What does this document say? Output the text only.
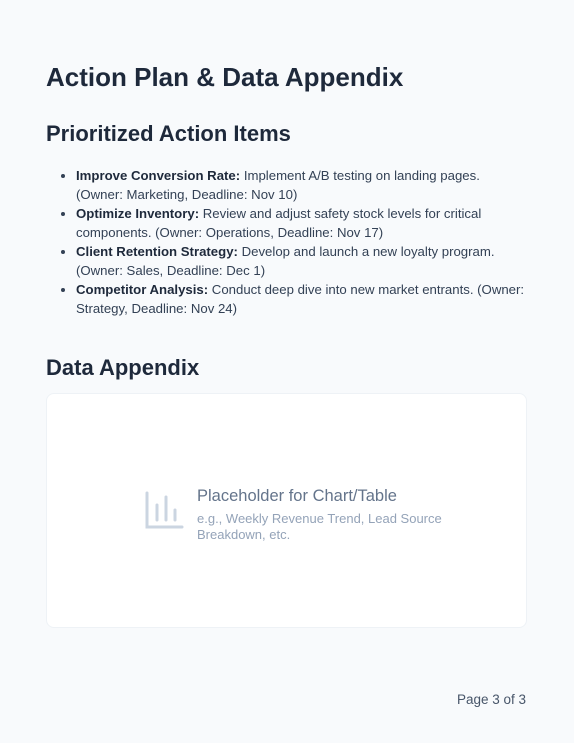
Action Plan & Data Appendix
Prioritized Action Items
• Improve Conversion Rate: Implement A/B testing on landing pages. (Owner: Marketing, Deadline: Nov 10)
• Optimize Inventory: Review and adjust safety stock levels for critical components. (Owner: Operations, Deadline: Nov 17)
• Client Retention Strategy: Develop and launch a new loyalty program. (Owner: Sales, Deadline: Dec 1)
• Competitor Analysis: Conduct deep dive into new market entrants. (Owner: Strategy, Deadline: Nov 24)
Data Appendix
Placeholder for Chart/Table
e.g., Weekly Revenue Trend, Lead Source Breakdown, etc.
Page 3 of 3
